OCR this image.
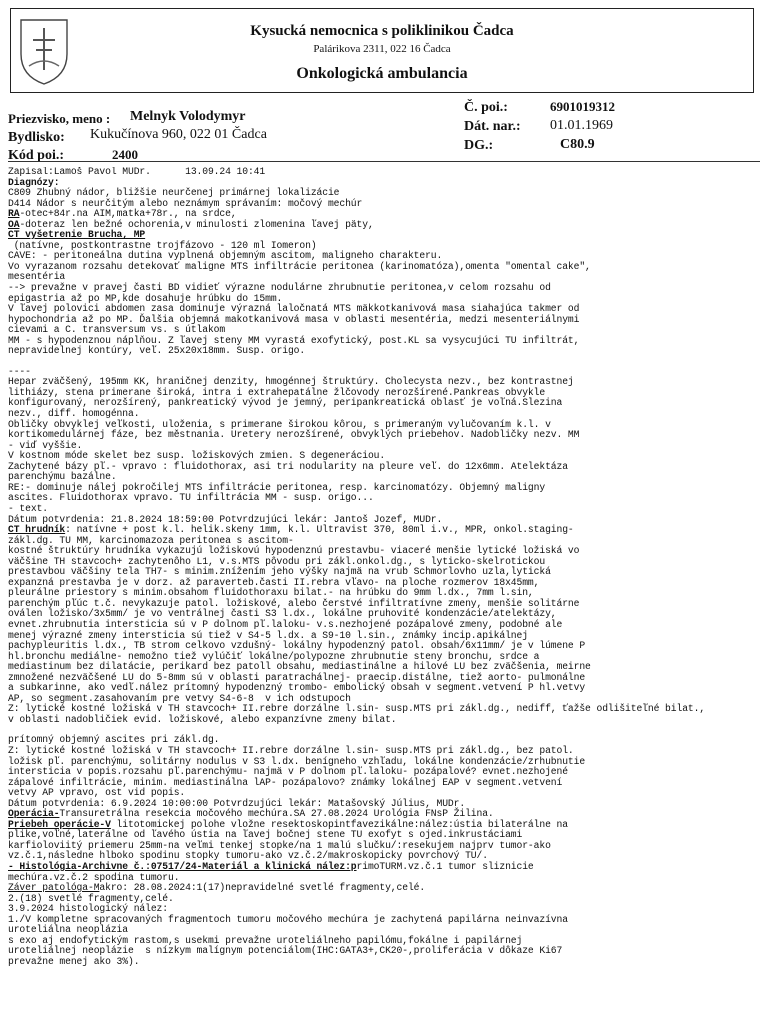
Kysucká nemocnica s poliklinikou Čadca
Palárikova 2311, 022 16 Čadca
Onkologická ambulancia
Priezvisko, meno : Melnyk Volodymyr
Bydlisko: Kukučínova 960, 022 01 Čadca
Kód poi.:	2400
Č. poi.:	6901019312
Dát. nar.: 01.01.1969
DG.:	C80.9
Zapisal:Lamoš Pavol MUDr.      13.09.24 10:41
Diagnózy:
C809 Zhubný nádor, bližšie neurčenej primárnej lokalizácie
D414 Nádor s neurčitým alebo neznámym správaním: močový mechúr
RA-otec+84r.na AIM,matka+78r., na srdce,
OA-doteraz len bežné ochorenia,v minulosti zlomenina ľavej päty,
CT vyšetrenie Brucha, MP
(natívne, postkontrastne trojfázovo - 120 ml Iomeron)
CAVE: - peritoneálna dutina vyplnená objemným ascitom, maligneho charakteru.
Vo vyrazanom rozsahu detekovať maligne MTS infiltrácie peritonea (karinomatóza),omenta "omental cake",
mesentéria
--> prevažne v pravej časti BD vidieť výrazne nodulárne zhrubnutie peritonea,v celom rozsahu od
epigastria až po MP,kde dosahuje hrúbku do 15mm.
V ľavej polovici abdomen zasa dominuje výrazná laločnatá MTS mäkkotkanivová masa siahajúca takmer od
hypochondria až po MP. Ďalšia objemná makotkanivová masa v oblasti mesentéria, medzi mesenteriálnymi
cievami a C. transversum vs. s útlakom
MM - s hypodenznou náplňou. Z ľavej steny MM vyrastá exofytický, post.KL sa vysycujúci TU infiltrát,
nepravidelnej kontúry, veľ. 25x20x18mm. Susp. origo.
----
Hepar zväčšený, 195mm KK, hraničnej denzity, hmogénnej štruktúry. Cholecysta nezv., bez kontrastnej
lithiázy, stena primerane široká, intra i extrahepatálne žlčovody nerozšírené.Pankreas obvykle
konfigurovaný, nerozšírený, pankreatický vývod je jemný, peripankreatická oblasť je voľná.Slezina
nezv., diff. homogénna.
Obličky obvyklej veľkosti, uloženia, s primerane širokou kôrou, s primeraným vylučovaním k.l. v
kortikomedulárnej fáze, bez městnania. Uretery nerozšírené, obvyklých priebehov. Nadobličky nezv. MM
- viď vyššie.
V kostnom móde skelet bez susp. ložiskových zmien. S degeneráciou.
Zachytené bázy pľ.- vpravo : fluidothorax, asi tri nodularity na pleure veľ. do 12x6mm. Atelektáza
parenchýmu bazálne.
RE:- dominuje nálej pokročilej MTS infiltrácie peritonea, resp. karcinomatózy. Objemný maligny
ascites. Fluidothorax vpravo. TU infiltrácia MM - susp. origo...
- text.
Dátum potvrdenia: 21.8.2024 18:59:00 Potvrdzujúci lekár: Jantoš Jozef, MUDr.
CT hrudník: natívne + post k.l. helik.skeny 1mm, k.l. Ultravist 370, 80ml i.v., MPR, onkol.staging-
zákl.dg. TU MM, karcinomazoza peritonea s ascitom-
kostné štruktúry hrudníka vykazujú ložiskovú hypodenznú prestavbu- viaceré menšie lytické ložiská vo
väčšine TH stavcoch+ zachytenôho L1, v.s.MTS pôvodu pri zákl.onkol.dg., s lyticko-skelrotickou
prestavbou väčšiny tela TH7- s minim.znížením jeho výšky najmä na vrub Schmorlovho uzla,lytická
expanzná prestavba je v dorz. až paraverteb.časti II.rebra vľavo- na ploche rozmerov 18x45mm,
pleurálne priestory s minim.obsahom fluidothoraxu bilat.- na hrúbku do 9mm l.dx., 7mm l.sin,
parenchým pľúc t.č. nevykazuje patol. ložiskové, alebo čerstvé infiltratívne zmeny, menšie solitárne
oválen ložisko/3x5mm/ je vo ventrálnej časti S3 l.dx., lokálne pruhovité kondenzácie/atelektázy,
evnet.zhrubnutia intersticia sú v P dolnom pľ.laloku- v.s.nezhojené pozápalové zmeny, podobné ale
menej výrazné zmeny intersticia sú tiež v S4-5 l.dx. a S9-10 l.sin., známky incip.apikálnej
pachypleuritis l.dx., TB strom celkovo vzdušný- lokálny hypodenzný patol. obsah/6x11mm/ je v lúmene P
hl.bronchu mediálne- nemožno tiež vylúčiť lokálne/polypozne zhrubnutie steny bronchu, srdce a
mediastinum bez dilatácie, perikard bez patoll obsahu, mediastinálne a hilové LU bez zväčšenia, meirne
zmnožené nezväčšené LU do 5-8mm sú v oblasti paratrachálnej- praecip.distálne, tiež aorto- pulmonálne
a subkarinne, ako vedľ.nález prítomný hypodenzný trombo- embolický obsah v segment.vetvení P hl.vetvy
AP, so segment.zasahovaním pre vetvy S4-6-8  v ich odstupoch
Z: lytické kostné ložiská v TH stavcoch+ II.rebre dorzálne l.sin- susp.MTS pri zákl.dg., nediff, ťažše odlišiteľné bilat.,
v oblasti nadobličiek evid. ložiskové, alebo expanzívne zmeny bilat.
prítomný objemný ascites pri zákl.dg.
Z: lytické kostné ložiská v TH stavcoch+ II.rebre dorzálne l.sin- susp.MTS pri zákl.dg., bez patol.
ložisk pľ. parenchýmu, solitárny nodulus v S3 l.dx. benígneho vzhľadu, lokálne kondenzácie/zrhubnutie
intersticia v popis.rozsahu pľ.parenchýmu- najmä v P dolnom pľ.laloku- pozápalové? evnet.nezhojené
zápalové infiltrácie, minim. mediastinálna lAP- pozápalovo? známky lokálnej EAP v segment.vetvení
vetvy AP vpravo, ost vid popis.
Dátum potvrdenia: 6.9.2024 10:00:00 Potvrdzujúci lekár: Matašovský Július, MUDr.
Operácia-Transuretrálna resekcia močového mechúra.SA 27.08.2024 Urológia FNsP Žilina.
Priebeh operácie-V litotomickej polohe vložne resektoskopintfavezikálne:nález:ústia bilaterálne na
plike,voľné,laterálne od ľavého ústia na ľavej bočnej stene TU exofyt s ojed.inkrustáciami
karfioloviitý priemeru 25mm-na veľmi tenkej stopke/na 1 malú slučku/:resekujem najprv tumor-ako
vz.č.1,následne hlboko spodinu stopky tumoru-ako vz.č.2/makroskopicky povrchový TU/.
- Histológia-Archivne č.:07517/24-Materiál a klinická nález:primoTURM.vz.č.1 tumor sliznicie
mechúra.vz.č.2 spodina tumoru.
Záver patológa-Makro: 28.08.2024:1(17)nepravidelné svetlé fragmenty,celé.
2.(18) svetlé fragmenty,celé.
3.9.2024 histologický nález:
1./V kompletne spracovaných fragmentoch tumoru močového mechúra je zachytená papilárna neinvazívna
uroteliálna neoplázia
s exo aj endofytickým rastom,s usekmi prevažne uroteliálneho papilómu,fokálne i papilárnej
uroteliálnej neoplázie  s nízkym malígnym potenciálom(IHC:GATA3+,CK20-,proliferácia v dôkaze Ki67
prevažne menej ako 3%).
